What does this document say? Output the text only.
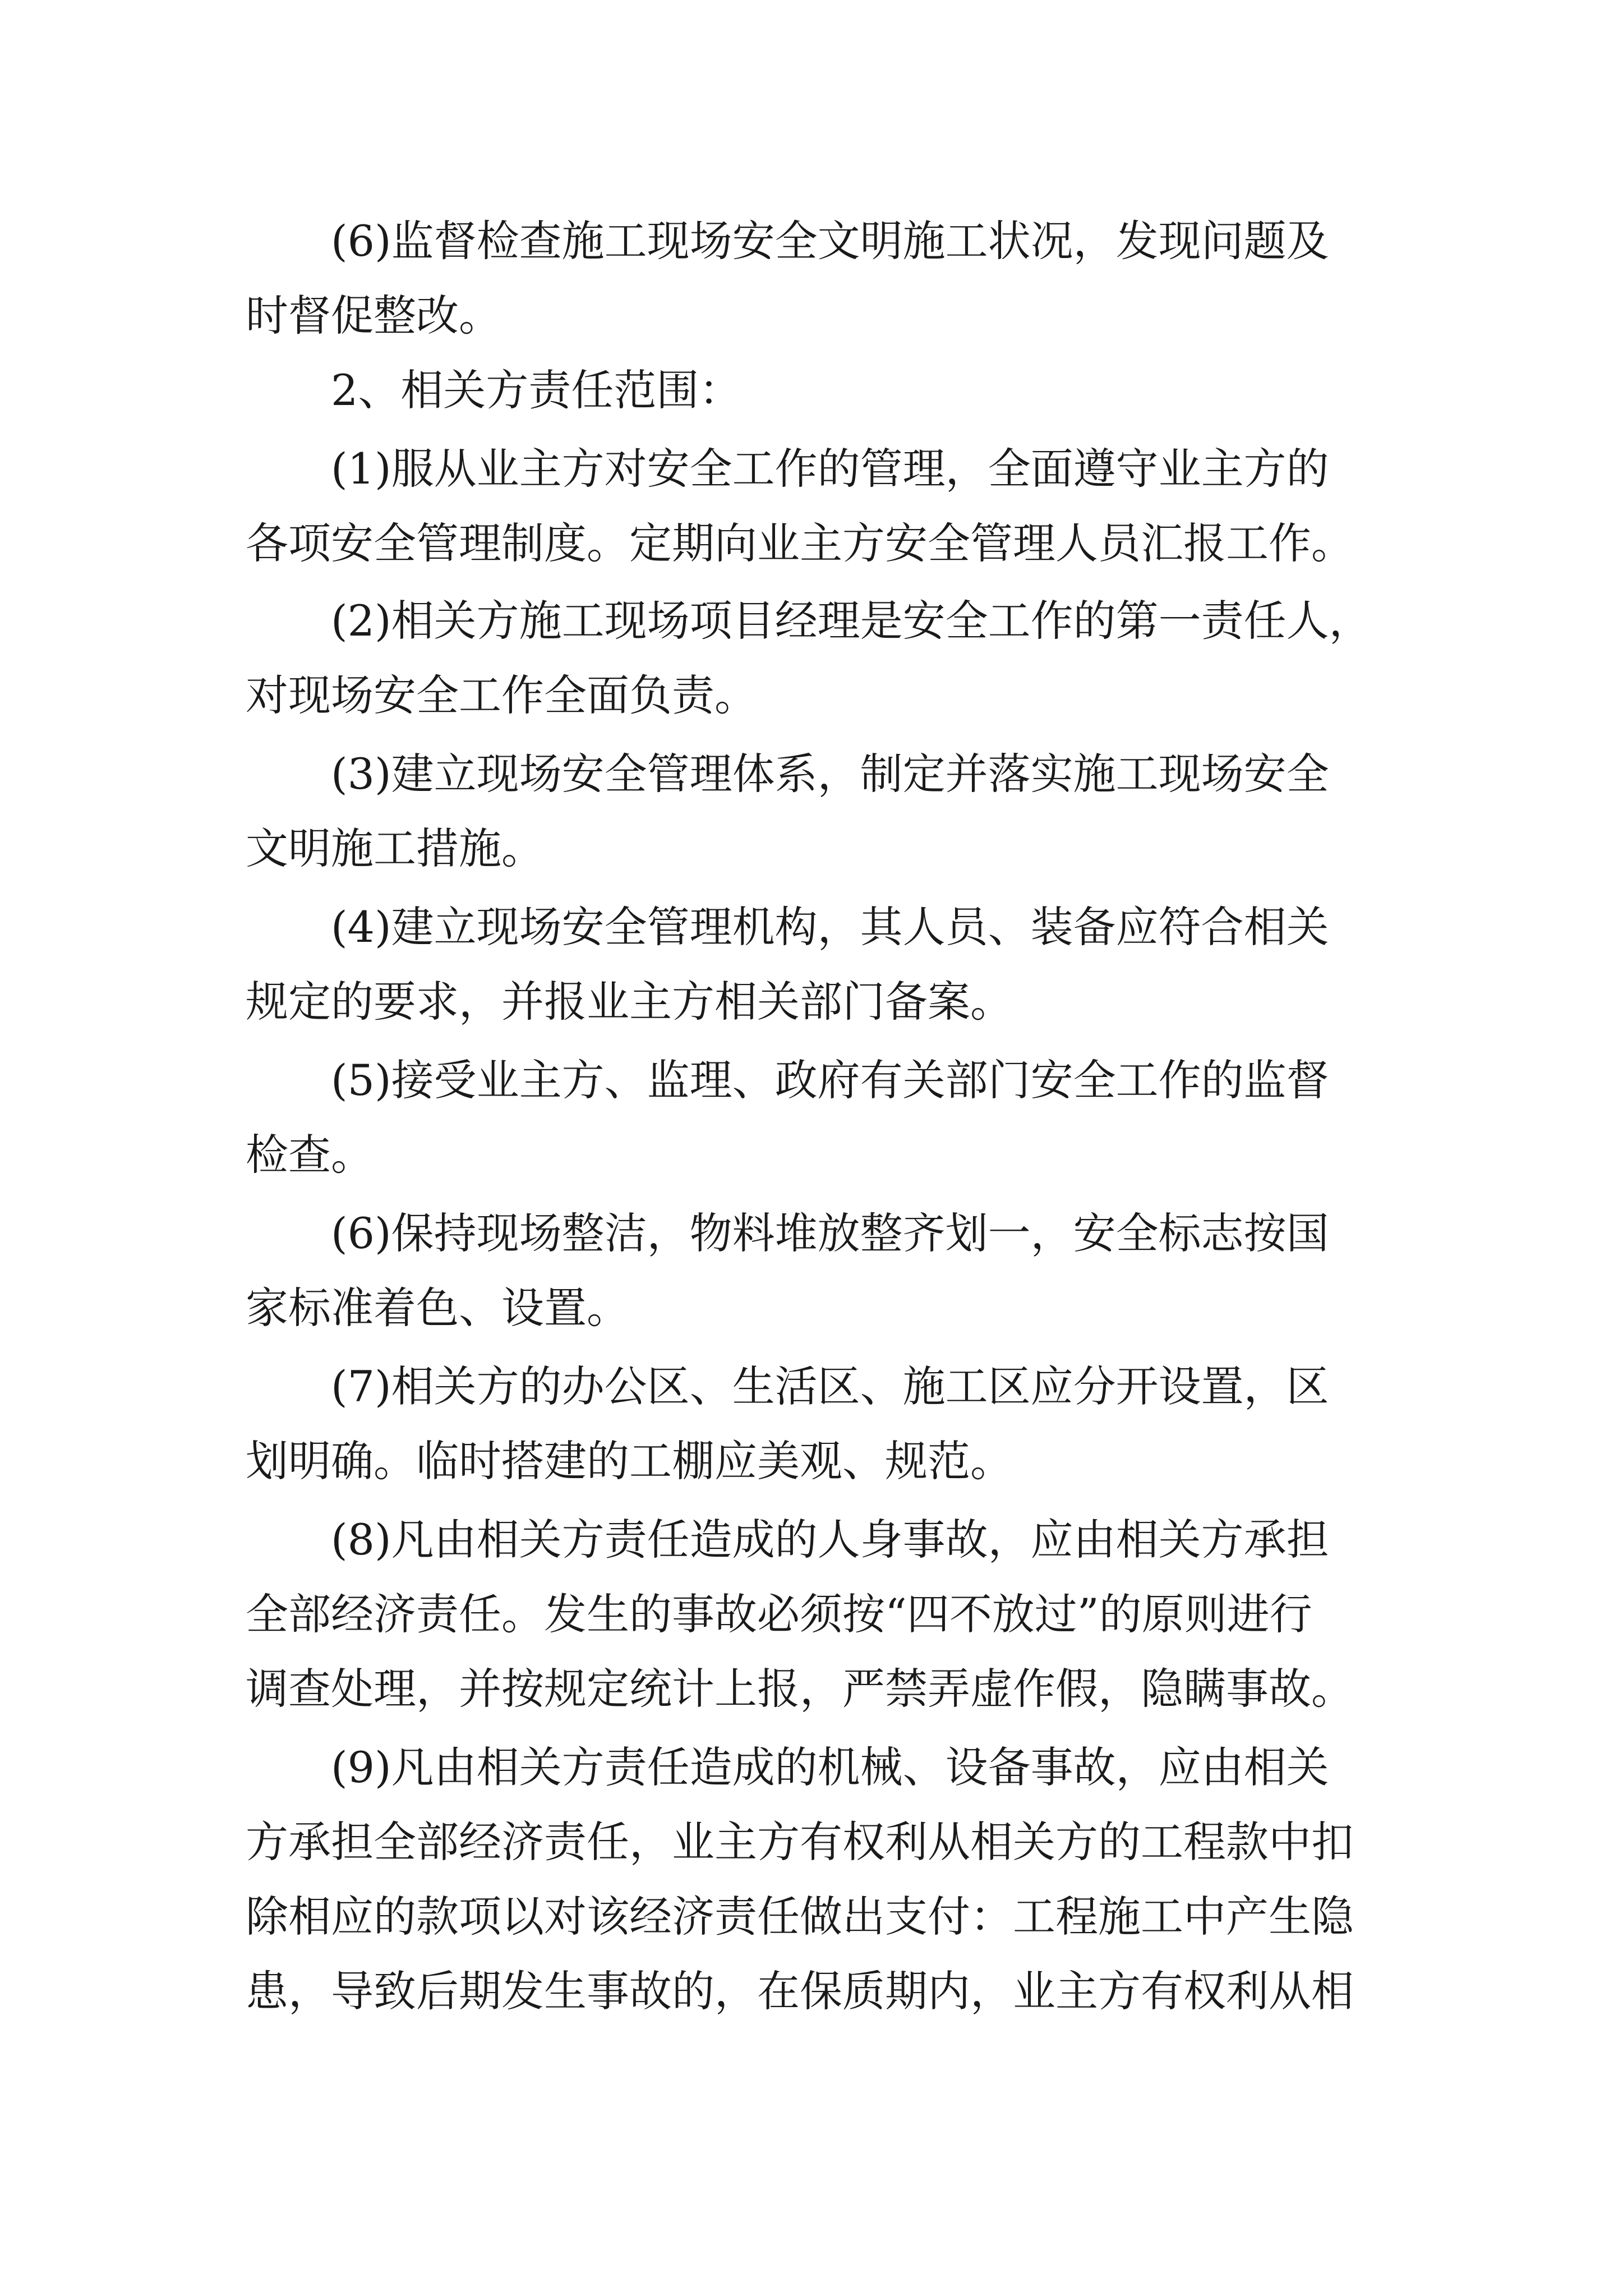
(6)监督检查施工现场安全文明施工状况，发现问题及
时督促整改。
2、相关方责任范围：
(1)服从业主方对安全工作的管理，全面遵守业主方的
各项安全管理制度。定期向业主方安全管理人员汇报工作。
(2)相关方施工现场项目经理是安全工作的第一责任人，
对现场安全工作全面负责。
(3)建立现场安全管理体系，制定并落实施工现场安全
文明施工措施。
(4)建立现场安全管理机构，其人员、装备应符合相关
规定的要求，并报业主方相关部门备案。
(5)接受业主方、监理、政府有关部门安全工作的监督
检查。
(6)保持现场整洁，物料堆放整齐划一，安全标志按国
家标准着色、设置。
(7)相关方的办公区、生活区、施工区应分开设置，区
划明确。临时搭建的工棚应美观、规范。
(8)凡由相关方责任造成的人身事故，应由相关方承担
全部经济责任。发生的事故必须按“四不放过”的原则进行
调查处理，并按规定统计上报，严禁弄虚作假，隐瞒事故。
(9)凡由相关方责任造成的机械、设备事故，应由相关
方承担全部经济责任，业主方有权利从相关方的工程款中扣
除相应的款项以对该经济责任做出支付：工程施工中产生隐
患，导致后期发生事故的，在保质期内，业主方有权利从相
